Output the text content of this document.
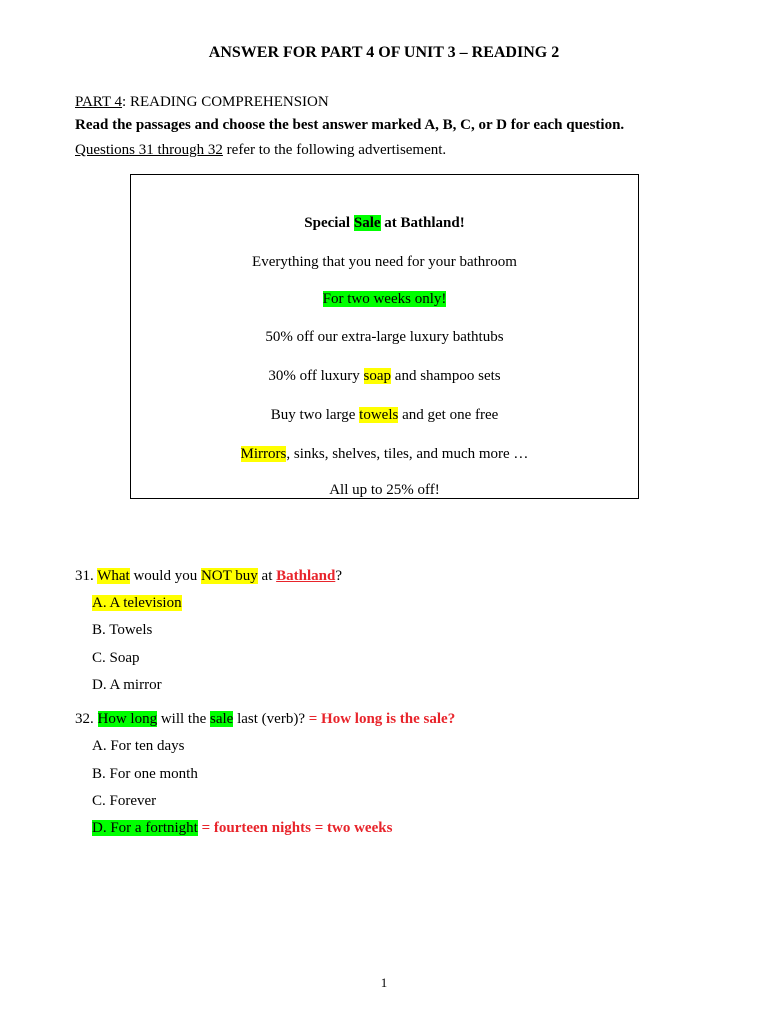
ANSWER FOR PART 4 OF UNIT 3 – READING 2
PART 4: READING COMPREHENSION
Read the passages and choose the best answer marked A, B, C, or D for each question.
Questions 31 through 32 refer to the following advertisement.
Special Sale at Bathland!
Everything that you need for your bathroom
For two weeks only!
50% off our extra-large luxury bathtubs
30% off luxury soap and shampoo sets
Buy two large towels and get one free
Mirrors, sinks, shelves, tiles, and much more …
All up to 25% off!
31. What would you NOT buy at Bathland?
A. A television
B. Towels
C. Soap
D. A mirror
32. How long will the sale last (verb)? = How long is the sale?
A. For ten days
B. For one month
C. Forever
D. For a fortnight = fourteen nights = two weeks
1
